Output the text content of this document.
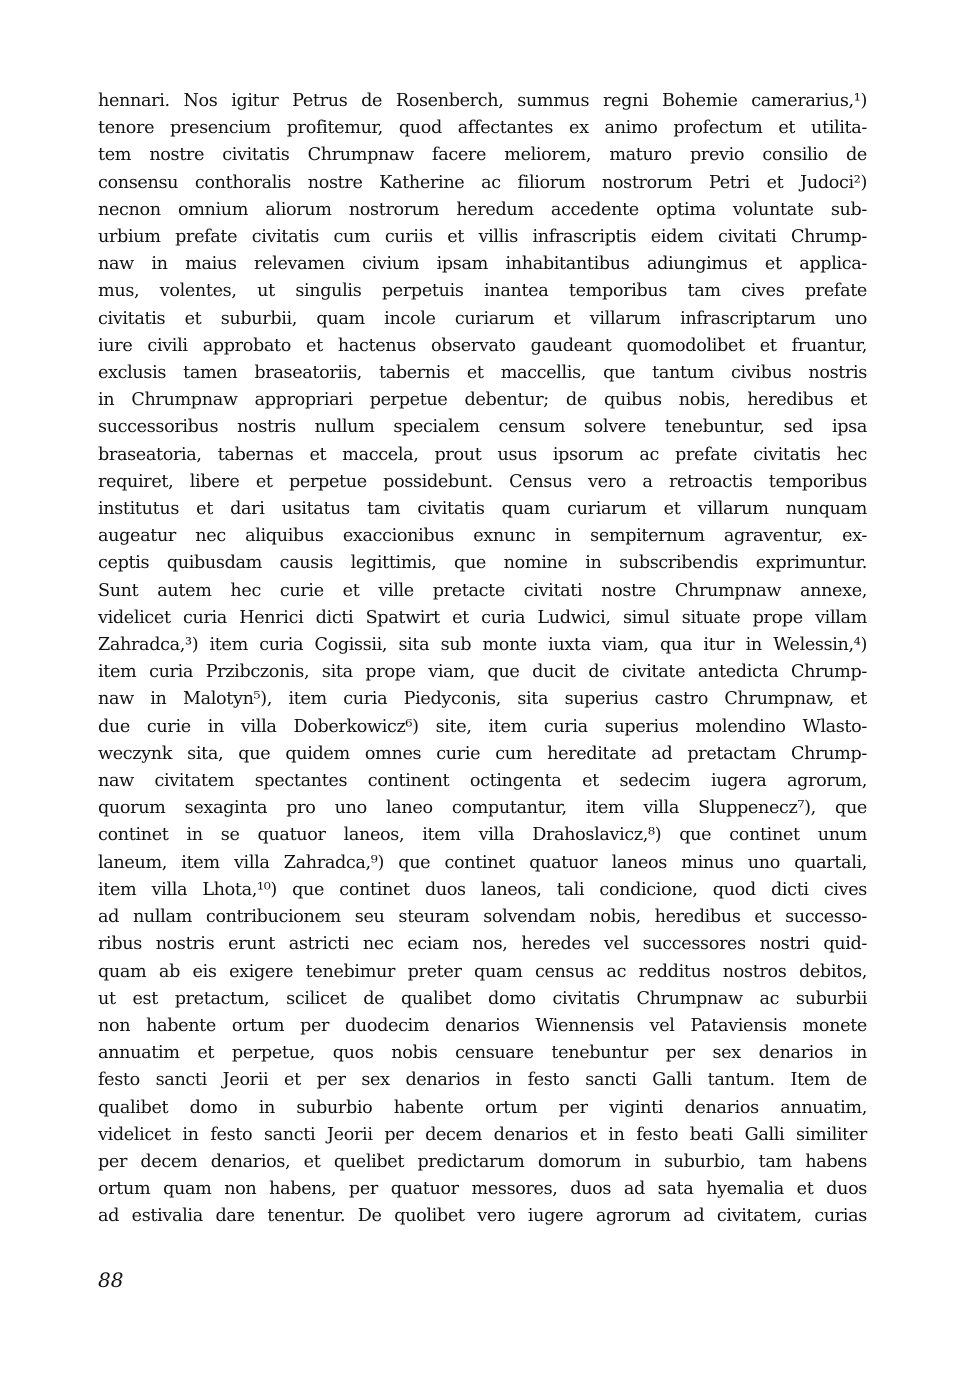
hennari. Nos igitur Petrus de Rosenberch, summus regni Bohemie camerarius,¹)
tenore presencium profitemur, quod affectantes ex animo profectum et utilita-
tem nostre civitatis Chrumpnaw facere meliorem, maturo previo consilio de
consensu conthoralis nostre Katherine ac filiorum nostrorum Petri et Judoci²)
necnon omnium aliorum nostrorum heredum accedente optima voluntate sub-
urbium prefate civitatis cum curiis et villis infrascriptis eidem civitati Chrump-
naw in maius relevamen civium ipsam inhabitantibus adiungimus et applica-
mus, volentes, ut singulis perpetuis inantea temporibus tam cives prefate
civitatis et suburbii, quam incole curiarum et villarum infrascriptarum uno
iure civili approbato et hactenus observato gaudeant quomodolibet et fruantur,
exclusis tamen braseatoriis, tabernis et maccellis, que tantum civibus nostris
in Chrumpnaw appropriari perpetue debentur; de quibus nobis, heredibus et
successoribus nostris nullum specialem censum solvere tenebuntur, sed ipsa
braseatoria, tabernas et maccela, prout usus ipsorum ac prefate civitatis hec
requiret, libere et perpetue possidebunt. Census vero a retroactis temporibus
institutus et dari usitatus tam civitatis quam curiarum et villarum nunquam
augeatur nec aliquibus exaccionibus exnunc in sempiternum agraventur, ex-
ceptis quibusdam causis legittimis, que nomine in subscribendis exprimuntur.
Sunt autem hec curie et ville pretacte civitati nostre Chrumpnaw annexe,
videlicet curia Henrici dicti Spatwirt et curia Ludwici, simul situate prope villam
Zahradca,³) item curia Cogissii, sita sub monte iuxta viam, qua itur in Welessin,⁴)
item curia Przibczonis, sita prope viam, que ducit de civitate antedicta Chrump-
naw in Malotyn⁵), item curia Piedyconis, sita superius castro Chrumpnaw, et
due curie in villa Doberkowicz⁶) site, item curia superius molendino Wlasto-
weczynk sita, que quidem omnes curie cum hereditate ad pretactam Chrump-
naw civitatem spectantes continent octingenta et sedecim iugera agrorum,
quorum sexaginta pro uno laneo computantur, item villa Sluppenecz⁷), que
continet in se quatuor laneos, item villa Drahoslavicz,⁸) que continet unum
laneum, item villa Zahradca,⁹) que continet quatuor laneos minus uno quartali,
item villa Lhota,¹⁰) que continet duos laneos, tali condicione, quod dicti cives
ad nullam contribucionem seu steuram solvendam nobis, heredibus et successo-
ribus nostris erunt astricti nec eciam nos, heredes vel successores nostri quid-
quam ab eis exigere tenebimur preter quam census ac redditus nostros debitos,
ut est pretactum, scilicet de qualibet domo civitatis Chrumpnaw ac suburbii
non habente ortum per duodecim denarios Wiennensis vel Pataviensis monete
annuatim et perpetue, quos nobis censuare tenebuntur per sex denarios in
festo sancti Jeorii et per sex denarios in festo sancti Galli tantum. Item de
qualibet domo in suburbio habente ortum per viginti denarios annuatim,
videlicet in festo sancti Jeorii per decem denarios et in festo beati Galli similiter
per decem denarios, et quelibet predictarum domorum in suburbio, tam habens
ortum quam non habens, per quatuor messores, duos ad sata hyemalia et duos
ad estivalia dare tenentur. De quolibet vero iugere agrorum ad civitatem, curias
88
